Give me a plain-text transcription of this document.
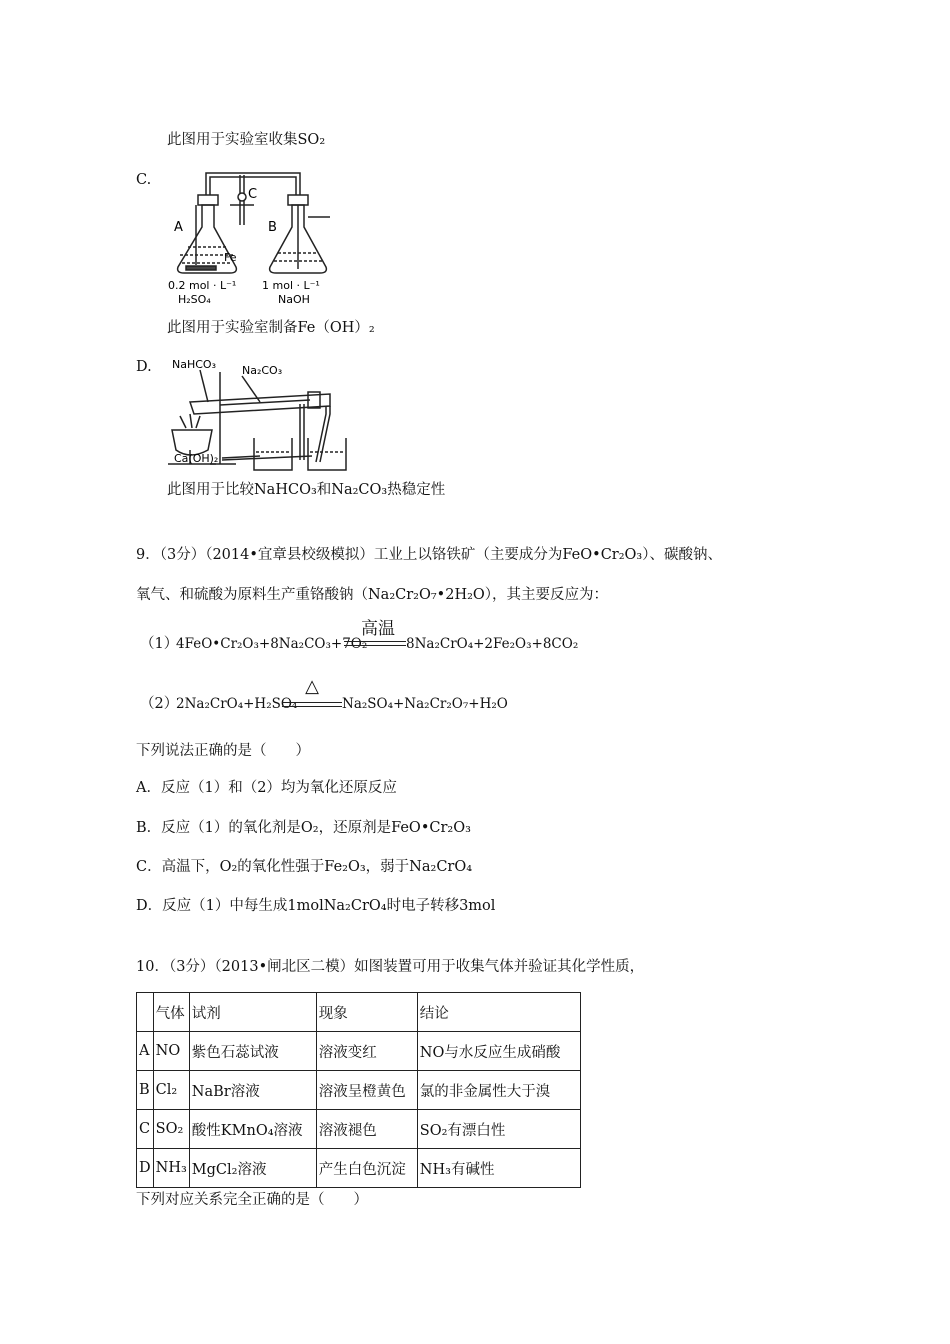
此图用于实验室收集SO₂
C.
A
C
B
Fe
0.2 mol · L⁻¹
H₂SO₄
1 mol · L⁻¹
NaOH
此图用于实验室制备Fe（OH）₂
D. NaHCO₃ Na₂CO₃
Ca(OH)₂
此图用于比较NaHCO₃和Na₂CO₃热稳定性
9．（3分）（2014•宜章县校级模拟）工业上以铬铁矿（主要成分为FeO•Cr₂O₃）、碳酸钠、
氧气、和硫酸为原料生产重铬酸钠（Na₂Cr₂O₇•2H₂O），其主要反应为：
（1）
4FeO•Cr₂O₃+8Na₂CO₃+7O₂
高温
8Na₂CrO₄+2Fe₂O₃+8CO₂
（2）
2Na₂CrO₄+H₂SO₄
△
Na₂SO₄+Na₂Cr₂O₇+H₂O
下列说法正确的是（　　）
A．反应（1）和（2）均为氧化还原反应
B．反应（1）的氧化剂是O₂，还原剂是FeO•Cr₂O₃
C．高温下，O₂的氧化性强于Fe₂O₃，弱于Na₂CrO₄
D．反应（1）中每生成1molNa₂CrO₄时电子转移3mol
10．（3分）（2013•闸北区二模）如图装置可用于收集气体并验证其化学性质，
	气体	试剂	现象	结论
A	NO	紫色石蕊试液	溶液变红	NO与水反应生成硝酸
B	Cl₂	NaBr溶液	溶液呈橙黄色	氯的非金属性大于溴
C	SO₂	酸性KMnO₄溶液	溶液褪色	SO₂有漂白性
D	NH₃	MgCl₂溶液	产生白色沉淀	NH₃有碱性
下列对应关系完全正确的是（　　）
